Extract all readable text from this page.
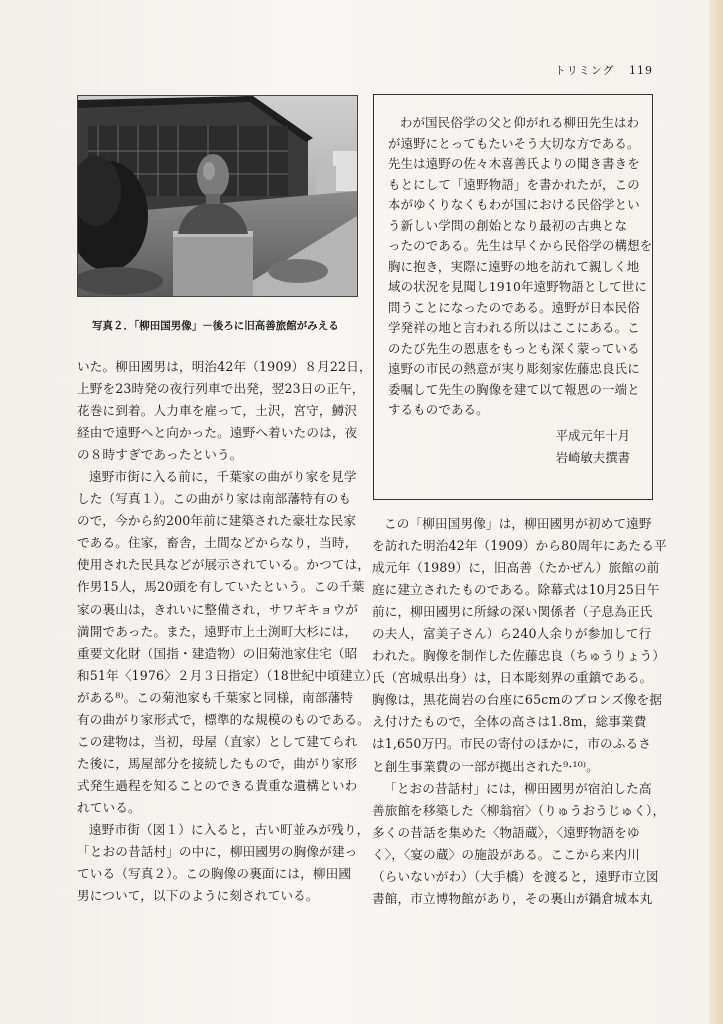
トリミング 119
写真２．「柳田国男像」－後ろに旧高善旅館がみえる
わが国民俗学の父と仰がれる柳田先生はわ
が遠野にとってもたいそう大切な方である。
先生は遠野の佐々木喜善氏よりの聞き書きを
もとにして「遠野物語」を書かれたが，この
本がゆくりなくもわが国における民俗学とい
う新しい学問の創始となり最初の古典とな
ったのである。先生は早くから民俗学の構想を
胸に抱き，実際に遠野の地を訪れて親しく地
域の状況を見聞し1910年遠野物語として世に
問うことになったのである。遠野が日本民俗
学発祥の地と言われる所以はここにある。こ
のたび先生の恩恵をもっとも深く蒙っている
遠野の市民の熱意が実り彫刻家佐藤忠良氏に
委嘱して先生の胸像を建て以て報恩の一端と
するものである。
平成元年十月
岩崎敏夫撰書
いた。柳田國男は，明治42年（1909）８月22日，
上野を23時発の夜行列車で出発，翌23日の正午，
花巻に到着。人力車を雇って，土沢，宮守，鱒沢
経由で遠野へと向かった。遠野へ着いたのは，夜
の８時すぎであったという。
遠野市街に入る前に，千葉家の曲がり家を見学
した（写真１）。この曲がり家は南部藩特有のも
ので，今から約200年前に建築された豪壮な民家
である。住家，畜舎，土間などからなり，当時，
使用された民具などが展示されている。かつては，
作男15人，馬20頭を有していたという。この千葉
家の裏山は，きれいに整備され，サワギキョウが
満開であった。また，遠野市上土渕町大杉には，
重要文化財（国指・建造物）の旧菊池家住宅（昭
和51年〈1976〉２月３日指定）（18世紀中頃建立）
がある⁸⁾。この菊池家も千葉家と同様，南部藩特
有の曲がり家形式で，標準的な規模のものである。
この建物は，当初，母屋（直家）として建てられ
た後に，馬屋部分を接続したもので，曲がり家形
式発生過程を知ることのできる貴重な遺構といわ
れている。
遠野市街（図１）に入ると，古い町並みが残り，
「とおの昔話村」の中に，柳田國男の胸像が建っ
ている（写真２）。この胸像の裏面には，柳田國
男について，以下のように刻されている。
この「柳田国男像」は，柳田國男が初めて遠野
を訪れた明治42年（1909）から80周年にあたる平
成元年（1989）に，旧高善（たかぜん）旅館の前
庭に建立されたものである。除幕式は10月25日午
前に，柳田國男に所縁の深い関係者（子息為正氏
の夫人，富美子さん）ら240人余りが参加して行
われた。胸像を制作した佐藤忠良（ちゅうりょう）
氏（宮城県出身）は，日本彫刻界の重鎮である。
胸像は，黒花崗岩の台座に65cmのブロンズ像を据
え付けたもので，全体の高さは1.8m，総事業費
は1,650万円。市民の寄付のほかに，市のふるさ
と創生事業費の一部が拠出された⁹·¹⁰⁾。
「とおの昔話村」には，柳田國男が宿泊した高
善旅館を移築した〈柳翁宿〉（りゅうおうじゅく），
多くの昔話を集めた〈物語蔵〉，〈遠野物語をゆ
く〉，〈宴の蔵〉の施設がある。ここから来内川
（らいないがわ）（大手橋）を渡ると，遠野市立図
書館，市立博物館があり，その裏山が鍋倉城本丸
